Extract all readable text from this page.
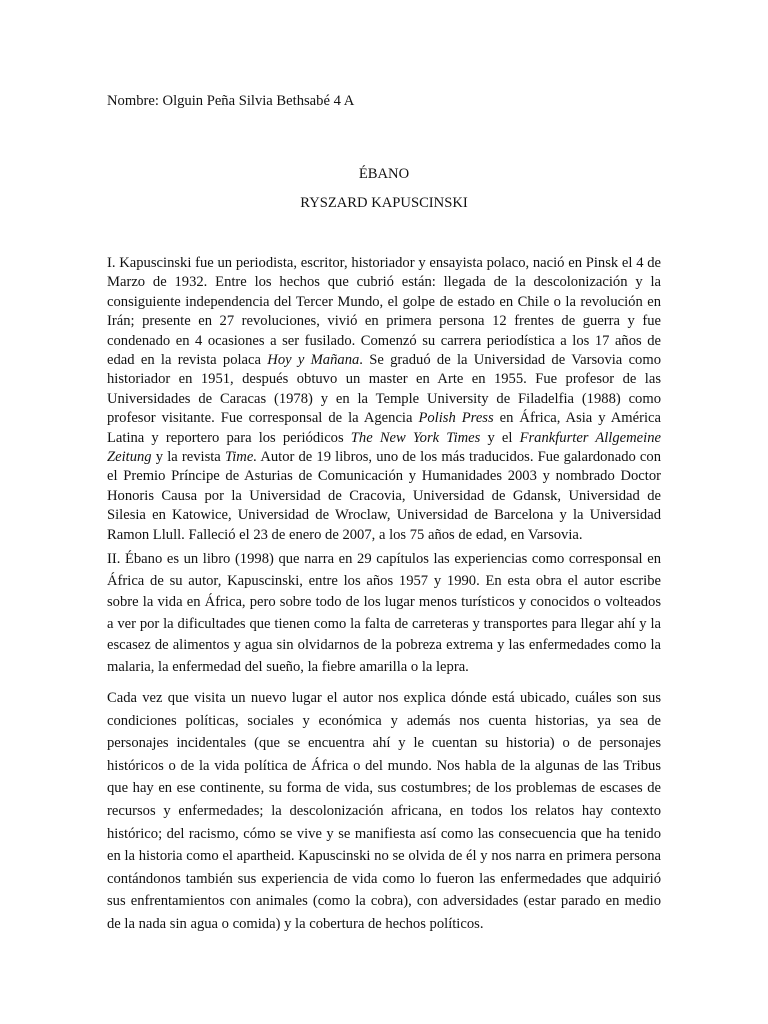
Nombre: Olguin Peña Silvia Bethsabé 4 A
ÉBANO
RYSZARD KAPUSCINSKI

I. Kapuscinski fue un periodista, escritor, historiador y ensayista polaco, nació en Pinsk el 4 de Marzo de 1932. Entre los hechos que cubrió están: llegada de la descolonización y la consiguiente independencia del Tercer Mundo, el golpe de estado en Chile o la revolución en Irán; presente en 27 revoluciones, vivió en primera persona 12 frentes de guerra y fue condenado en 4 ocasiones a ser fusilado. Comenzó su carrera periodística a los 17 años de edad en la revista polaca Hoy y Mañana. Se graduó de la Universidad de Varsovia como historiador en 1951, después obtuvo un master en Arte en 1955. Fue profesor de las Universidades de Caracas (1978) y en la Temple University de Filadelfia (1988) como profesor visitante. Fue corresponsal de la Agencia Polish Press en África, Asia y América Latina y reportero para los periódicos The New York Times y el Frankfurter Allgemeine Zeitung y la revista Time. Autor de 19 libros, uno de los más traducidos. Fue galardonado con el Premio Príncipe de Asturias de Comunicación y Humanidades 2003 y nombrado Doctor Honoris Causa por la Universidad de Cracovia, Universidad de Gdansk, Universidad de Silesia en Katowice, Universidad de Wroclaw, Universidad de Barcelona y la Universidad Ramon Llull. Falleció el 23 de enero de 2007, a los 75 años de edad, en Varsovia.

II. Ébano es un libro (1998) que narra en 29 capítulos las experiencias como corresponsal en África de su autor, Kapuscinski, entre los años 1957 y 1990. En esta obra el autor escribe sobre la vida en África, pero sobre todo de los lugar menos turísticos y conocidos o volteados a ver por la dificultades que tienen como la falta de carreteras y transportes para llegar ahí y la escasez de alimentos y agua sin olvidarnos de la pobreza extrema y las enfermedades como la malaria, la enfermedad del sueño, la fiebre amarilla o la lepra.

Cada vez que visita un nuevo lugar el autor nos explica dónde está ubicado, cuáles son sus condiciones políticas, sociales y económica y además nos cuenta historias, ya sea de personajes incidentales (que se encuentra ahí y le cuentan su historia) o de personajes históricos o de la vida política de África o del mundo. Nos habla de la algunas de las Tribus que hay en ese continente, su forma de vida, sus costumbres; de los problemas de escases de recursos y enfermedades; la descolonización africana, en todos los relatos hay contexto histórico; del racismo, cómo se vive y se manifiesta así como las consecuencia que ha tenido en la historia como el apartheid. Kapuscinski no se olvida de él y nos narra en primera persona contándonos también sus experiencia de vida como lo fueron las enfermedades que adquirió sus enfrentamientos con animales (como la cobra), con adversidades (estar parado en medio de la nada sin agua o comida) y la cobertura de hechos políticos.
